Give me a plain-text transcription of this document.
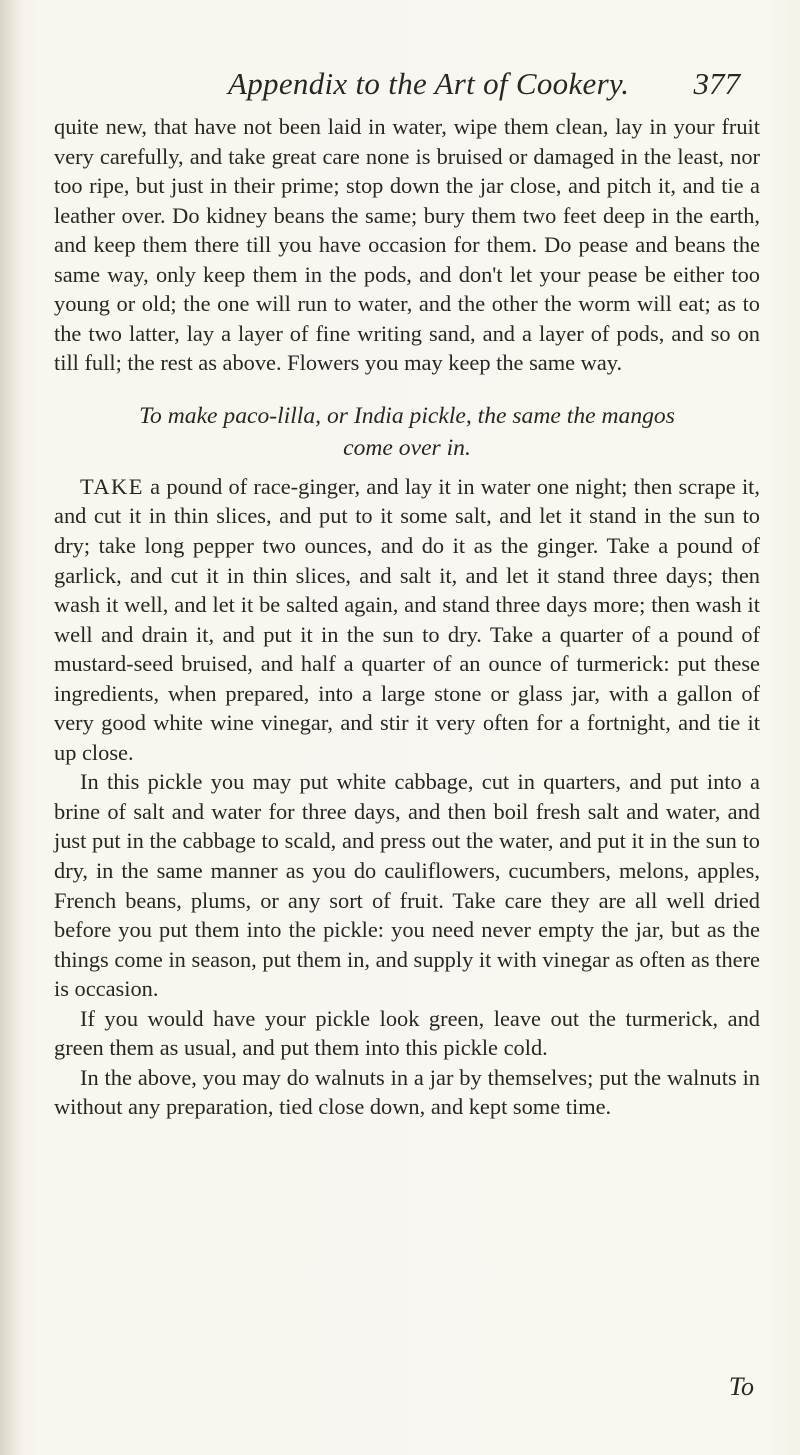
Appendix to the Art of Cookery. 377

quite new, that have not been laid in water, wipe them clean, lay in your fruit very carefully, and take great care none is bruised or damaged in the least, nor too ripe, but just in their prime; stop down the jar close, and pitch it, and tie a leather over. Do kidney beans the same; bury them two feet deep in the earth, and keep them there till you have occasion for them. Do pease and beans the same way, only keep them in the pods, and don't let your pease be either too young or old; the one will run to water, and the other the worm will eat; as to the two latter, lay a layer of fine writing sand, and a layer of pods, and so on till full; the rest as above. Flowers you may keep the same way.

To make paco-lilla, or India pickle, the same the mangos
come over in.

TAKE a pound of race-ginger, and lay it in water one night; then scrape it, and cut it in thin slices, and put to it some salt, and let it stand in the sun to dry; take long pepper two ounces, and do it as the ginger. Take a pound of garlick, and cut it in thin slices, and salt it, and let it stand three days; then wash it well, and let it be salted again, and stand three days more; then wash it well and drain it, and put it in the sun to dry. Take a quarter of a pound of mustard-seed bruised, and half a quarter of an ounce of turmerick: put these ingredients, when prepared, into a large stone or glass jar, with a gallon of very good white wine vinegar, and stir it very often for a fortnight, and tie it up close.

In this pickle you may put white cabbage, cut in quarters, and put into a brine of salt and water for three days, and then boil fresh salt and water, and just put in the cabbage to scald, and press out the water, and put it in the sun to dry, in the same manner as you do cauliflowers, cucumbers, melons, apples, French beans, plums, or any sort of fruit. Take care they are all well dried before you put them into the pickle: you need never empty the jar, but as the things come in season, put them in, and supply it with vinegar as often as there is occasion.

If you would have your pickle look green, leave out the turmerick, and green them as usual, and put them into this pickle cold.

In the above, you may do walnuts in a jar by themselves; put the walnuts in without any preparation, tied close down, and kept some time.

To
